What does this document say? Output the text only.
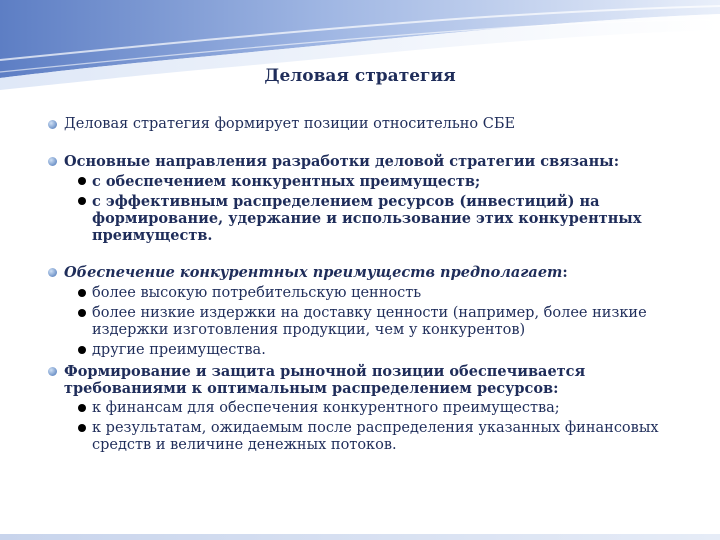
Деловая стратегия
Деловая стратегия формирует позиции относительно СБЕ
Основные направления разработки деловой стратегии связаны:
с обеспечением конкурентных преимуществ;
с эффективным распределением ресурсов (инвестиций) на формирование, удержание и использование этих конкурентных преимуществ.
Обеспечение конкурентных преимуществ предполагает:
более высокую потребительскую ценность
более низкие издержки на доставку ценности (например, более низкие издержки изготовления продукции, чем у конкурентов)
другие преимущества.
Формирование и защита рыночной позиции обеспечивается требованиями к оптимальным распределением ресурсов:
к финансам для обеспечения конкурентного преимущества;
к результатам, ожидаемым после распределения указанных финансовых средств и величине денежных потоков.
